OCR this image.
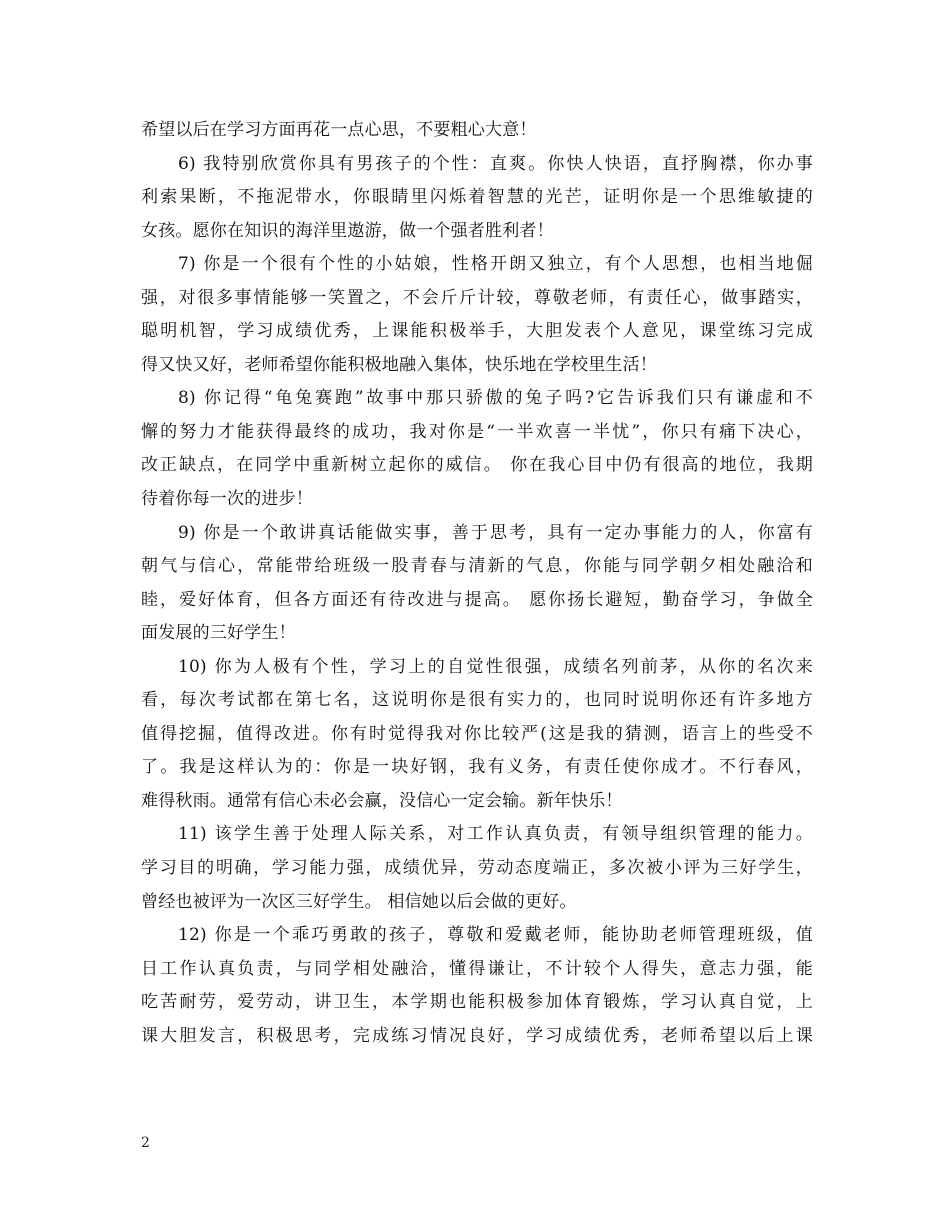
希望以后在学习方面再花一点心思，不要粗心大意！
6) 我特别欣赏你具有男孩子的个性：直爽。你快人快语，直抒胸襟，你办事
利索果断，不拖泥带水，你眼睛里闪烁着智慧的光芒，证明你是一个思维敏捷的
女孩。愿你在知识的海洋里遨游，做一个强者胜利者！
7) 你是一个很有个性的小姑娘，性格开朗又独立，有个人思想，也相当地倔
强，对很多事情能够一笑置之，不会斤斤计较，尊敬老师，有责任心，做事踏实，
聪明机智，学习成绩优秀，上课能积极举手，大胆发表个人意见，课堂练习完成
得又快又好，老师希望你能积极地融入集体，快乐地在学校里生活！
8) 你记得“龟兔赛跑”故事中那只骄傲的兔子吗?它告诉我们只有谦虚和不
懈的努力才能获得最终的成功，我对你是“一半欢喜一半忧”，你只有痛下决心，
改正缺点，在同学中重新树立起你的威信。 你在我心目中仍有很高的地位，我期
待着你每一次的进步！
9) 你是一个敢讲真话能做实事，善于思考，具有一定办事能力的人，你富有
朝气与信心，常能带给班级一股青春与清新的气息，你能与同学朝夕相处融洽和
睦，爱好体育，但各方面还有待改进与提高。 愿你扬长避短，勤奋学习，争做全
面发展的三好学生！
10) 你为人极有个性，学习上的自觉性很强，成绩名列前茅，从你的名次来
看，每次考试都在第七名，这说明你是很有实力的，也同时说明你还有许多地方
值得挖掘，值得改进。你有时觉得我对你比较严(这是我的猜测，语言上的些受不
了。我是这样认为的：你是一块好钢，我有义务，有责任使你成才。不行春风，
难得秋雨。通常有信心未必会赢，没信心一定会输。新年快乐！
11) 该学生善于处理人际关系，对工作认真负责，有领导组织管理的能力。
学习目的明确，学习能力强，成绩优异，劳动态度端正，多次被小评为三好学生，
曾经也被评为一次区三好学生。 相信她以后会做的更好。
12) 你是一个乖巧勇敢的孩子，尊敬和爱戴老师，能协助老师管理班级，值
日工作认真负责，与同学相处融洽，懂得谦让，不计较个人得失，意志力强，能
吃苦耐劳，爱劳动，讲卫生，本学期也能积极参加体育锻炼，学习认真自觉，上
课大胆发言，积极思考，完成练习情况良好，学习成绩优秀，老师希望以后上课
2
